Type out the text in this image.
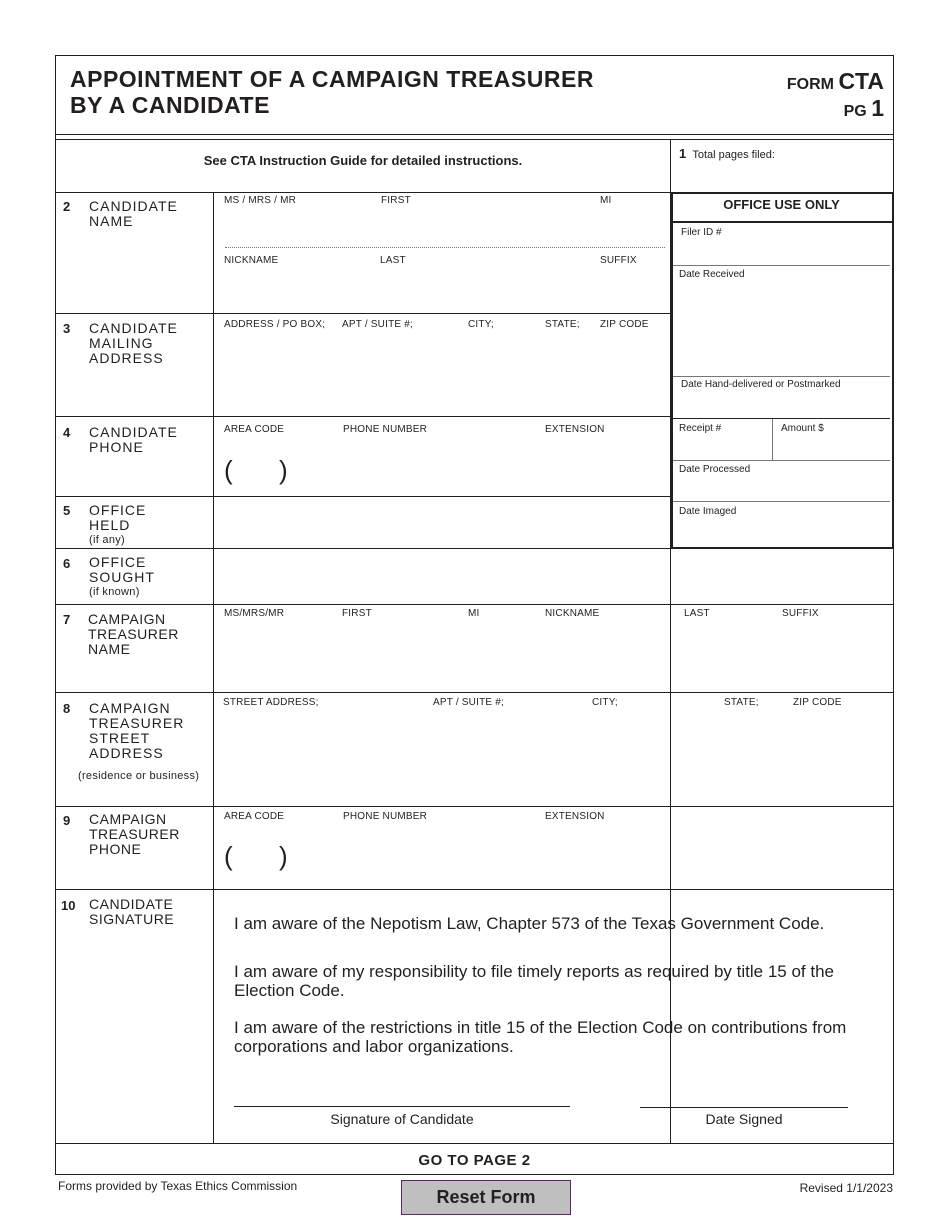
APPOINTMENT OF A CAMPAIGN TREASURER
BY A CANDIDATE
FORM CTA
PG 1
See CTA Instruction Guide for detailed instructions.	1 Total pages filed:
OFFICE USE ONLY
Filer ID #
Date Received
Date Hand-delivered or Postmarked
Receipt #	Amount $
Date Processed
Date Imaged
2 CANDIDATE
NAME
MS / MRS / MR	FIRST	MI
NICKNAME	LAST	SUFFIX
3 CANDIDATE
MAILING
ADDRESS
ADDRESS / PO BOX; APT / SUITE #;	CITY;	STATE; ZIP CODE
4 CANDIDATE
PHONE
AREA CODE	PHONE NUMBER	EXTENSION
( )
5 OFFICE
HELD
(if any)
6 OFFICE
SOUGHT
(if known)
7 CAMPAIGN
TREASURER
NAME
MS/MRS/MR	FIRST	MI	NICKNAME	LAST	SUFFIX
8 CAMPAIGN
TREASURER
STREET
ADDRESS
(residence or business)
STREET ADDRESS;	APT / SUITE #;	CITY;	STATE;	ZIP CODE
9 CAMPAIGN
TREASURER
PHONE
AREA CODE	PHONE NUMBER	EXTENSION
( )
10 CANDIDATE
SIGNATURE	I am aware of the Nepotism Law, Chapter 573 of the Texas Government Code.
I am aware of my responsibility to file timely reports as required by title 15 of the Election Code.
I am aware of the restrictions in title 15 of the Election Code on contributions from corporations and labor organizations.
Signature of Candidate	Date Signed
GO TO PAGE 2
Forms provided by Texas Ethics Commission
Reset Form	Revised 1/1/2023
